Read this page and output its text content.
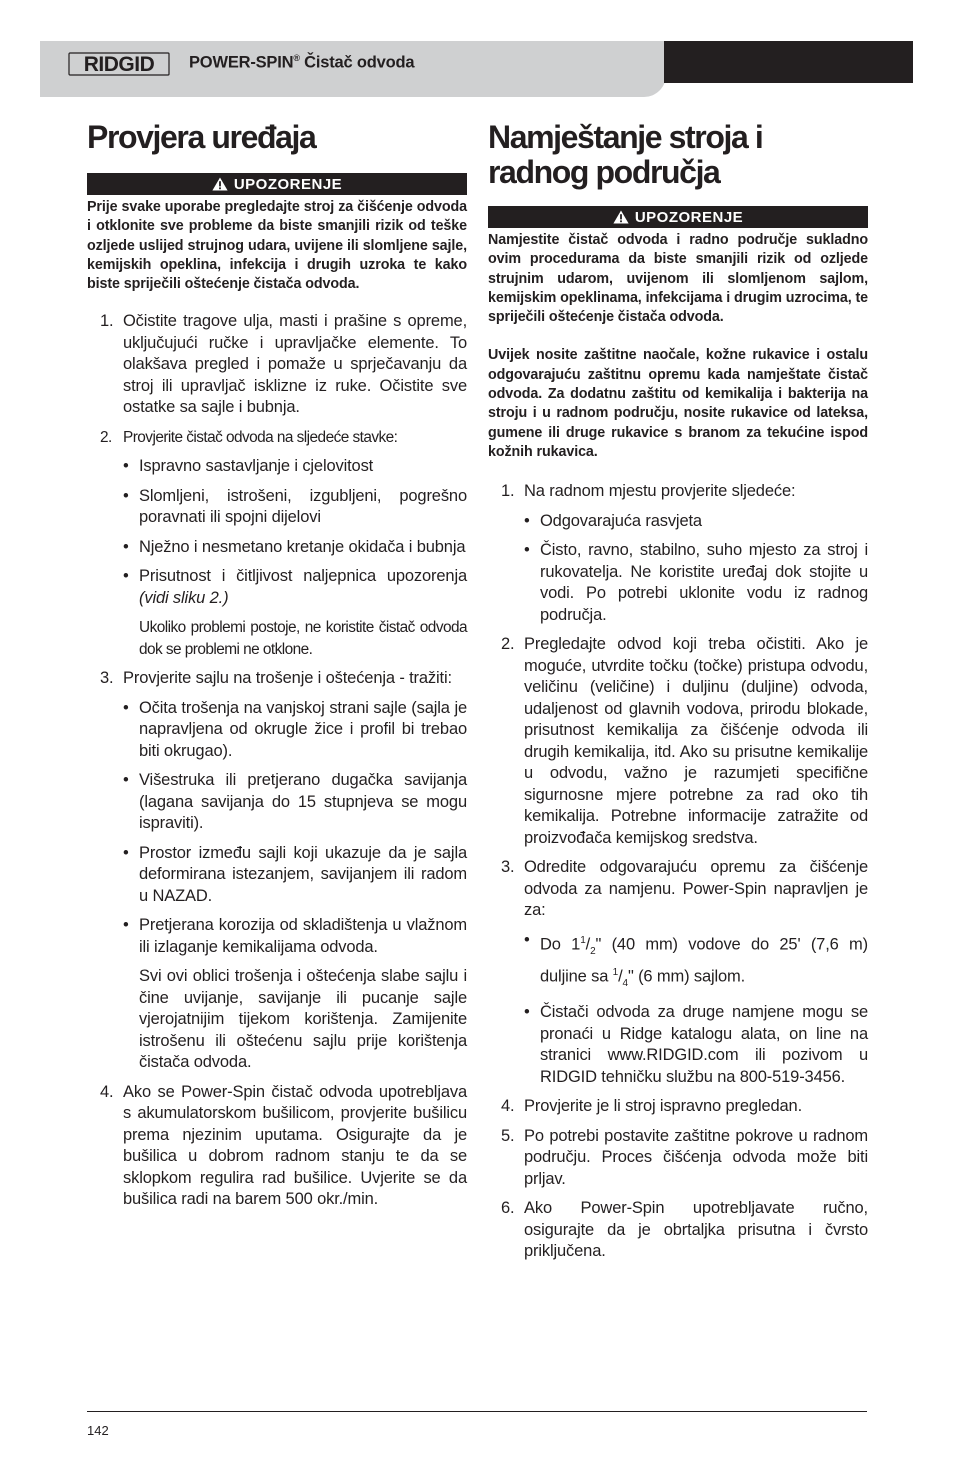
RIDGID POWER-SPIN® Čistač odvoda
Provjera uređaja
UPOZORENJE

Prije svake uporabe pregledajte stroj za čišćenje odvoda i otklonite sve probleme da biste smanjili rizik od teške ozljede uslijed strujnog udara, uvijene ili slomljene sajle, kemijskih opeklina, infekcija i drugih uzroka te kako biste spriječili oštećenje čistača odvoda.

1. Očistite tragove ulja, masti i prašine s opreme, uključujući ručke i upravljačke elemente. To olakšava pregled i pomaže u sprječavanju da stroj ili upravljač isklizne iz ruke. Očistite sve ostatke sa sajle i bubnja.
2. Provjerite čistač odvoda na sljedeće stavke:
• Ispravno sastavljanje i cjelovitost
• Slomljeni, istrošeni, izgubljeni, pogrešno poravnati ili spojni dijelovi
• Nježno i nesmetano kretanje okidača i bubnja
• Prisutnost i čitljivost naljepnica upozorenja (vidi sliku 2.)

Ukoliko problemi postoje, ne koristite čistač odvoda dok se problemi ne otklone.

3. Provjerite sajlu na trošenje i oštećenja - tražiti:
• Očita trošenja na vanjskoj strani sajle (sajla je napravljena od okrugle žice i profil bi trebao biti okrugao).
• Višestruka ili pretjerano dugačka savijanja (lagana savijanja do 15 stupnjeva se mogu ispraviti).
• Prostor između sajli koji ukazuje da je sajla deformirana istezanjem, savijanjem ili radom u NAZAD.
• Pretjerana korozija od skladištenja u vlažnom ili izlaganje kemikalijama odvoda.

Svi ovi oblici trošenja i oštećenja slabe sajlu i čine uvijanje, savijanje ili pucanje sajle vjerojatnijim tijekom korištenja. Zamijenite istrošenu ili oštećenu sajlu prije korištenja čistača odvoda.

4. Ako se Power-Spin čistač odvoda upotrebljava s akumulatorskom bušilicom, provjerite bušilicu prema njezinim uputama. Osigurajte da je bušilica u dobrom radnom stanju te da se sklopkom regulira rad bušilice. Uvjerite se da bušilica radi na barem 500 okr./min.
Namještanje stroja i
radnog područja
UPOZORENJE

Namjestite čistač odvoda i radno područje sukladno ovim procedurama da biste smanjili rizik od ozljede strujnim udarom, uvijenom ili slomljenom sajlom, kemijskim opeklinama, infekcijama i drugim uzrocima, te spriječili oštećenje čistača odvoda.

Uvijek nosite zaštitne naočale, kožne rukavice i ostalu odgovarajuću zaštitnu opremu kada namještate čistač odvoda. Za dodatnu zaštitu od kemikalija i bakterija na stroju i u radnom području, nosite rukavice od lateksa, gumene ili druge rukavice s branom za tekućine ispod kožnih rukavica.

1. Na radnom mjestu provjerite sljedeće:
• Odgovarajuća rasvjeta
• Čisto, ravno, stabilno, suho mjesto za stroj i rukovatelja. Ne koristite uređaj dok stojite u vodi. Po potrebi uklonite vodu iz radnog područja.
2. Pregledajte odvod koji treba očistiti. Ako je moguće, utvrdite točku (točke) pristupa odvodu, veličinu (veličine) i duljinu (duljine) odvoda, udaljenost od glavnih vodova, prirodu blokade, prisutnost kemikalija za čišćenje odvoda ili drugih kemikalija, itd. Ako su prisutne kemikalije u odvodu, važno je razumjeti specifične sigurnosne mjere potrebne za rad oko tih kemikalija. Potrebne informacije zatražite od proizvođača kemijskog sredstva.
3. Odredite odgovarajuću opremu za čišćenje odvoda za namjenu. Power-Spin napravljen je za:
• Do $1^1/_2$" (40 mm) vodove do 25' (7,6 m) duljine sa $^1/_4$" (6 mm) sajlom.
• Čistači odvoda za druge namjene mogu se pronaći u Ridge katalogu alata, on line na stranici www.RIDGID.com ili pozivom u RIDGID tehničku službu na 800-519-3456.
4. Provjerite je li stroj ispravno pregledan.
5. Po potrebi postavite zaštitne pokrove u radnom području. Proces čišćenja odvoda može biti prljav.
6. Ako Power-Spin upotrebljavate ručno, osigurajte da je obrtaljka prisutna i čvrsto priključena.
142
